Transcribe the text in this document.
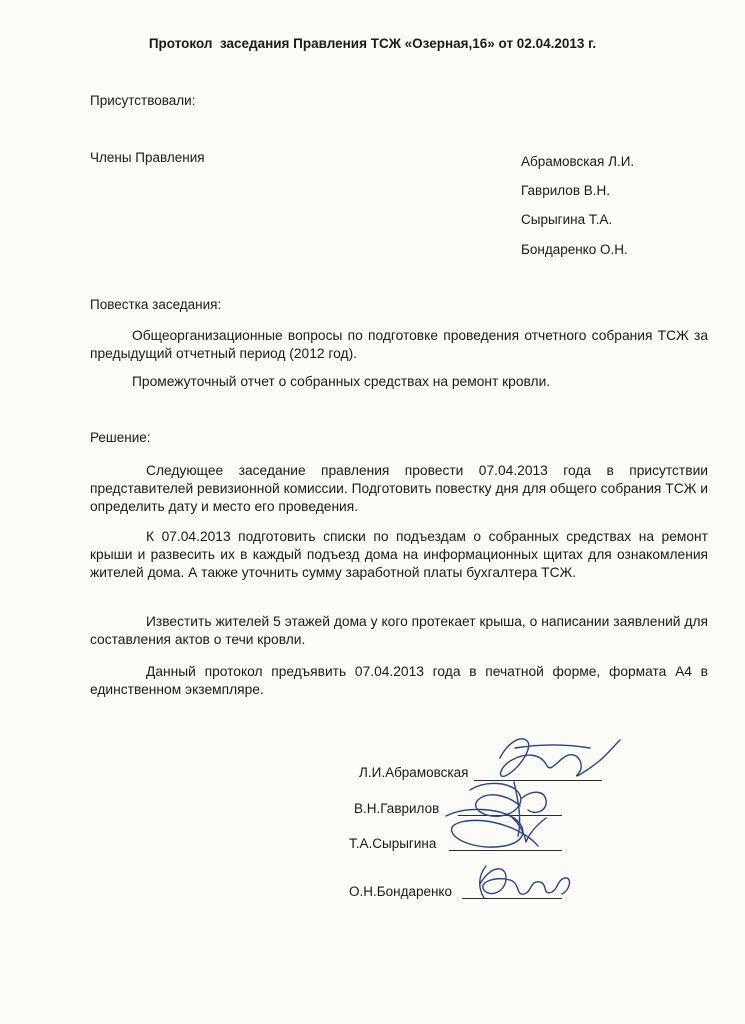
Протокол  заседания Правления ТСЖ «Озерная,16» от 02.04.2013 г.
Присутствовали:
Члены Правления	Абрамовская Л.И.
Гаврилов В.Н.
Сырыгина Т.А.
Бондаренко О.Н.
Повестка заседания:
Общеорганизационные вопросы по подготовке проведения отчетного собрания ТСЖ за предыдущий отчетный период (2012 год).
Промежуточный отчет о собранных средствах на ремонт кровли.
Решение:
Следующее заседание правления провести 07.04.2013 года в присутствии представителей ревизионной комиссии. Подготовить повестку дня для общего собрания ТСЖ и определить дату и место его проведения.
К 07.04.2013 подготовить списки по подъездам о собранных средствах на ремонт крыши и развесить их в каждый подъезд дома на информационных щитах для ознакомления жителей дома. А также уточнить сумму заработной платы бухгалтера ТСЖ.
Известить жителей 5 этажей дома у кого протекает крыша, о написании заявлений для составления актов о течи кровли.
Данный протокол предъявить 07.04.2013 года в печатной форме, формата А4 в единственном экземпляре.
Л.И.Абрамовская
В.Н.Гаврилов
Т.А.Сырыгина
О.Н.Бондаренко
